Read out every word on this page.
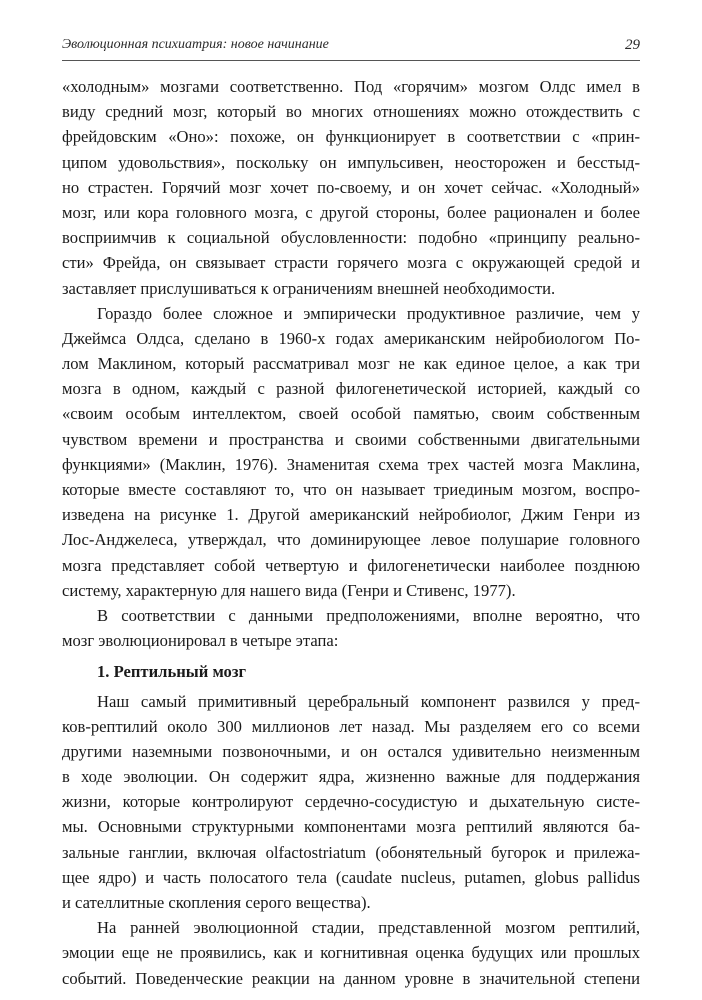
Эволюционная психиатрия: новое начинание	29
«холодным» мозгами соответственно. Под «горячим» мозгом Олдс имел в
виду средний мозг, который во многих отношениях можно отождествить с
фрейдовским «Оно»: похоже, он функционирует в соответствии с «прин-
ципом удовольствия», поскольку он импульсивен, неосторожен и бесстыд-
но страстен. Горячий мозг хочет по-своему, и он хочет сейчас. «Холодный»
мозг, или кора головного мозга, с другой стороны, более рационален и более
восприимчив к социальной обусловленности: подобно «принципу реально-
сти» Фрейда, он связывает страсти горячего мозга с окружающей средой и
заставляет прислушиваться к ограничениям внешней необходимости.
Гораздо более сложное и эмпирически продуктивное различие, чем у
Джеймса Олдса, сделано в 1960-х годах американским нейробиологом По-
лом Маклином, который рассматривал мозг не как единое целое, а как три
мозга в одном, каждый с разной филогенетической историей, каждый со
«своим особым интеллектом, своей особой памятью, своим собственным
чувством времени и пространства и своими собственными двигательными
функциями» (Маклин, 1976). Знаменитая схема трех частей мозга Маклина,
которые вместе составляют то, что он называет триединым мозгом, воспро-
изведена на рисунке 1. Другой американский нейробиолог, Джим Генри из
Лос-Анджелеса, утверждал, что доминирующее левое полушарие головного
мозга представляет собой четвертую и филогенетически наиболее позднюю
систему, характерную для нашего вида (Генри и Стивенс, 1977).
В соответствии с данными предположениями, вполне вероятно, что
мозг эволюционировал в четыре этапа:
1. Рептильный мозг
Наш самый примитивный церебральный компонент развился у пред-
ков-рептилий около 300 миллионов лет назад. Мы разделяем его со всеми
другими наземными позвоночными, и он остался удивительно неизменным
в ходе эволюции. Он содержит ядра, жизненно важные для поддержания
жизни, которые контролируют сердечно-сосудистую и дыхательную систе-
мы. Основными структурными компонентами мозга рептилий являются ба-
зальные ганглии, включая olfactostriatum (обонятельный бугорок и прилежа-
щее ядро) и часть полосатого тела (caudate nucleus, putamen, globus pallidus
и сателлитные скопления серого вещества).
На ранней эволюционной стадии, представленной мозгом рептилий,
эмоции еще не проявились, как и когнитивная оценка будущих или прошлых
событий. Поведенческие реакции на данном уровне в значительной степени
